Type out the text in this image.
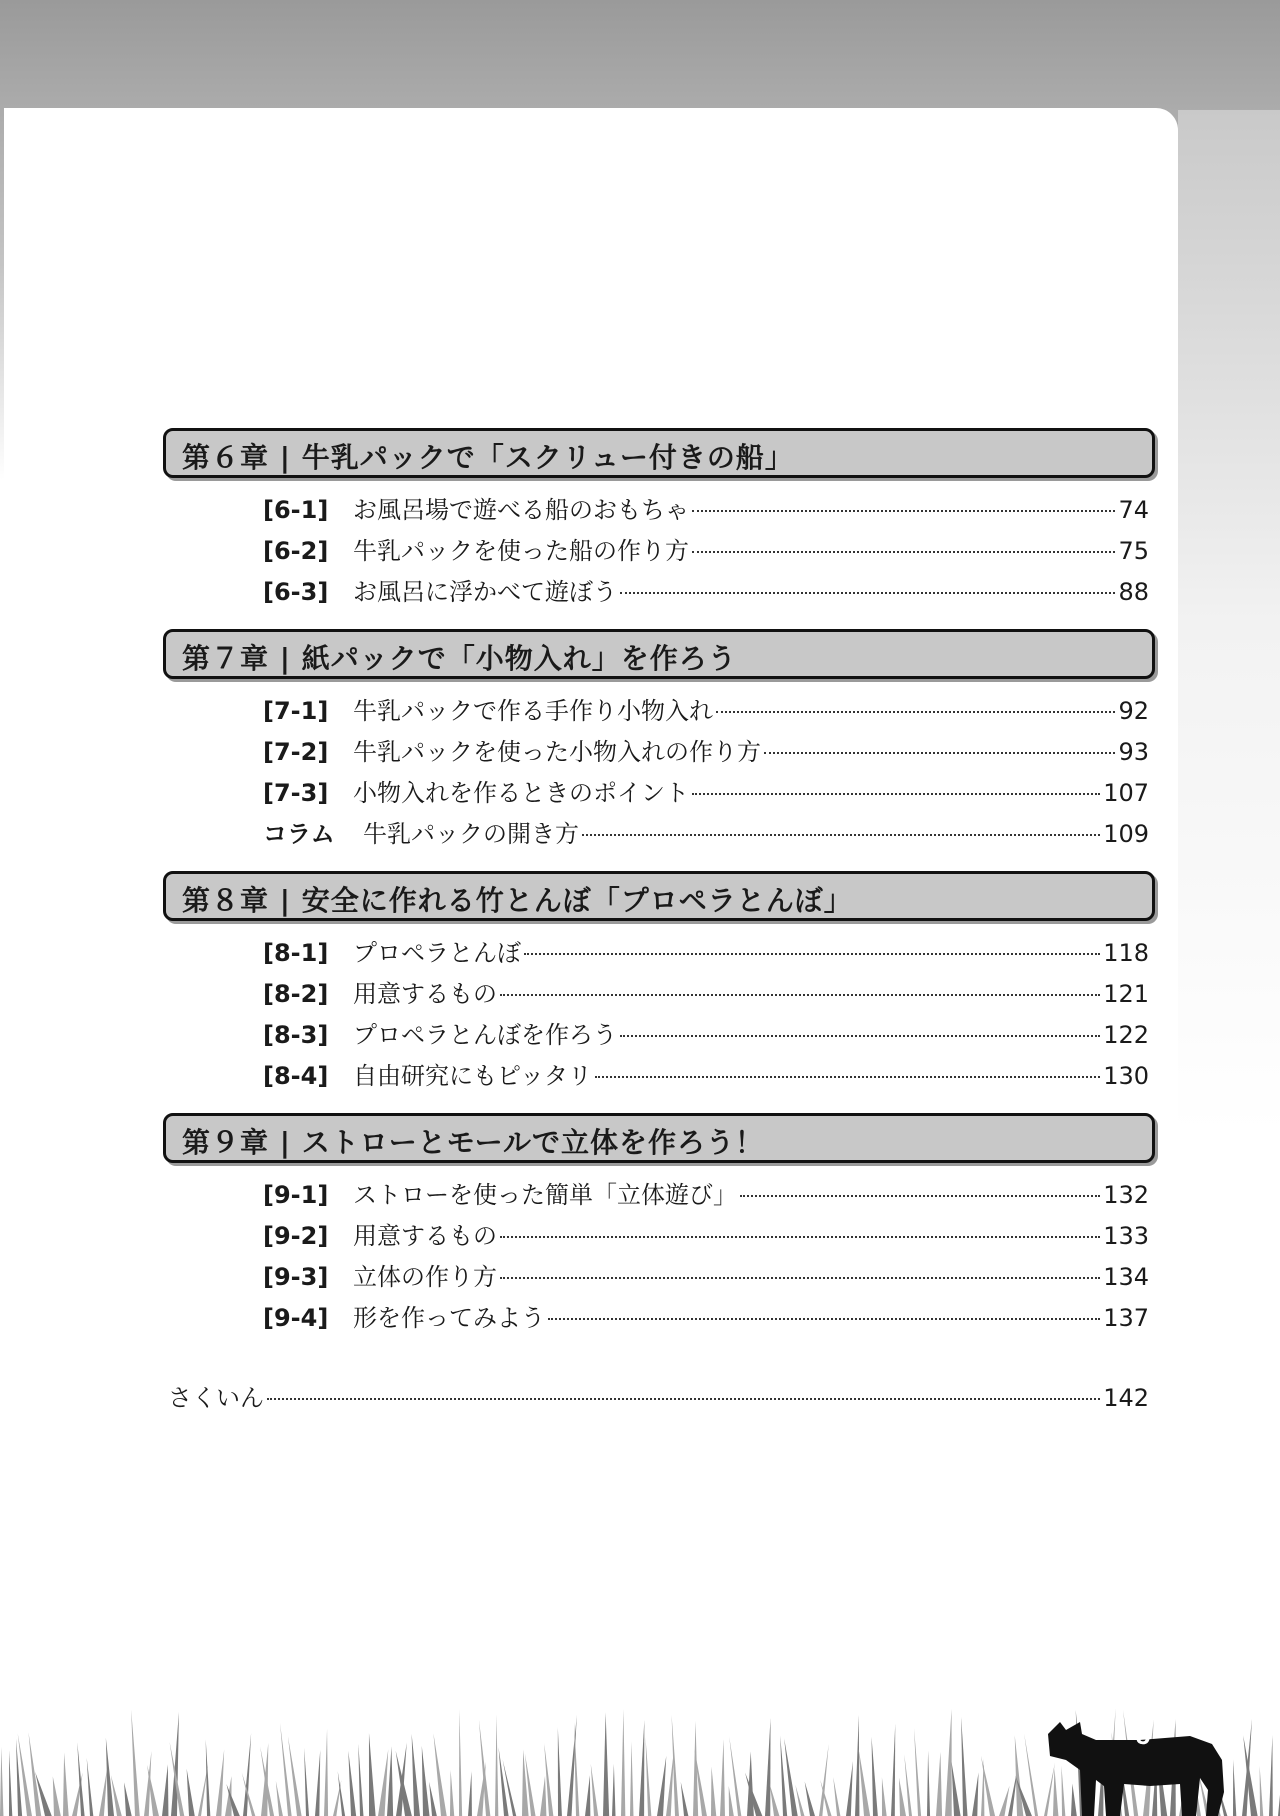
第６章 | 牛乳パックで「スクリュー付きの船」
[6-1]	お風呂場で遊べる船のおもちゃ	74
[6-2]	牛乳パックを使った船の作り方	75
[6-3]	お風呂に浮かべて遊ぼう	88
第７章 | 紙パックで「小物入れ」を作ろう
[7-1]	牛乳パックで作る手作り小物入れ	92
[7-2]	牛乳パックを使った小物入れの作り方	93
[7-3]	小物入れを作るときのポイント	107
コラム	牛乳パックの開き方	109
第８章 | 安全に作れる竹とんぼ「プロペラとんぼ」
[8-1]	プロペラとんぼ	118
[8-2]	用意するもの	121
[8-3]	プロペラとんぼを作ろう	122
[8-4]	自由研究にもピッタリ	130
第９章 | ストローとモールで立体を作ろう！
[9-1]	ストローを使った簡単「立体遊び」	132
[9-2]	用意するもの	133
[9-3]	立体の作り方	134
[9-4]	形を作ってみよう	137
さくいん	142
5
